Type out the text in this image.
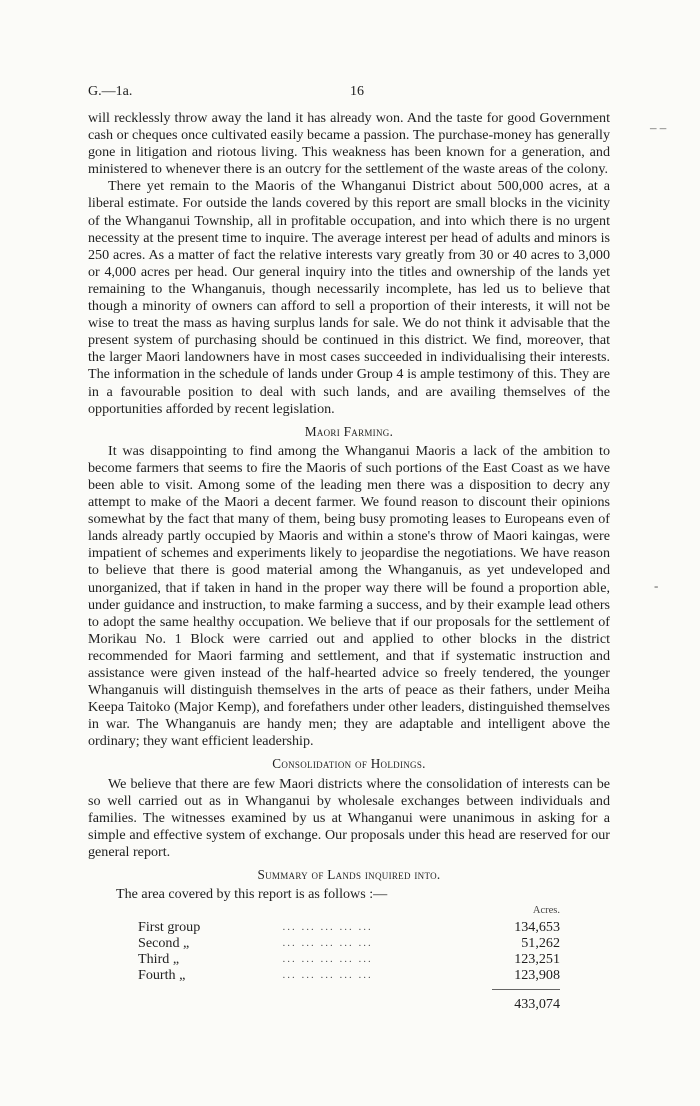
G.—1a.	16

will recklessly throw away the land it has already won. And the taste for good Government cash or cheques once cultivated easily became a passion. The purchase-money has generally gone in litigation and riotous living. This weakness has been known for a generation, and ministered to whenever there is an outcry for the settlement of the waste areas of the colony.

There yet remain to the Maoris of the Whanganui District about 500,000 acres, at a liberal estimate. For outside the lands covered by this report are small blocks in the vicinity of the Whanganui Township, all in profitable occupation, and into which there is no urgent necessity at the present time to inquire. The average interest per head of adults and minors is 250 acres. As a matter of fact the relative interests vary greatly from 30 or 40 acres to 3,000 or 4,000 acres per head. Our general inquiry into the titles and ownership of the lands yet remaining to the Whanganuis, though necessarily incomplete, has led us to believe that though a minority of owners can afford to sell a proportion of their interests, it will not be wise to treat the mass as having surplus lands for sale. We do not think it advisable that the present system of purchasing should be continued in this district. We find, moreover, that the larger Maori landowners have in most cases succeeded in individualising their interests. The information in the schedule of lands under Group 4 is ample testimony of this. They are in a favourable position to deal with such lands, and are availing themselves of the opportunities afforded by recent legislation.

Maori Farming.

It was disappointing to find among the Whanganui Maoris a lack of the ambition to become farmers that seems to fire the Maoris of such portions of the East Coast as we have been able to visit. Among some of the leading men there was a disposition to decry any attempt to make of the Maori a decent farmer. We found reason to discount their opinions somewhat by the fact that many of them, being busy promoting leases to Europeans even of lands already partly occupied by Maoris and within a stone's throw of Maori kaingas, were impatient of schemes and experiments likely to jeopardise the negotiations. We have reason to believe that there is good material among the Whanganuis, as yet undeveloped and unorganized, that if taken in hand in the proper way there will be found a proportion able, under guidance and instruction, to make farming a success, and by their example lead others to adopt the same healthy occupation. We believe that if our proposals for the settlement of Morikau No. 1 Block were carried out and applied to other blocks in the district recommended for Maori farming and settlement, and that if systematic instruction and assistance were given instead of the half-hearted advice so freely tendered, the younger Whanganuis will distinguish themselves in the arts of peace as their fathers, under Meiha Keepa Taitoko (Major Kemp), and forefathers under other leaders, distinguished themselves in war. The Whanganuis are handy men; they are adaptable and intelligent above the ordinary; they want efficient leadership.

Consolidation of Holdings.

We believe that there are few Maori districts where the consolidation of interests can be so well carried out as in Whanganui by wholesale exchanges between individuals and families. The witnesses examined by us at Whanganui were unanimous in asking for a simple and effective system of exchange. Our proposals under this head are reserved for our general report.

Summary of Lands inquired into.
The area covered by this report is as follows :—
		Acres.
First group	... ... ... ... ...	134,653
Second „	... ... ... ... ...	51,262
Third „	... ... ... ... ...	123,251
Fourth „	... ... ... ... ...	123,908

		433,074
‒ ‒
‐
